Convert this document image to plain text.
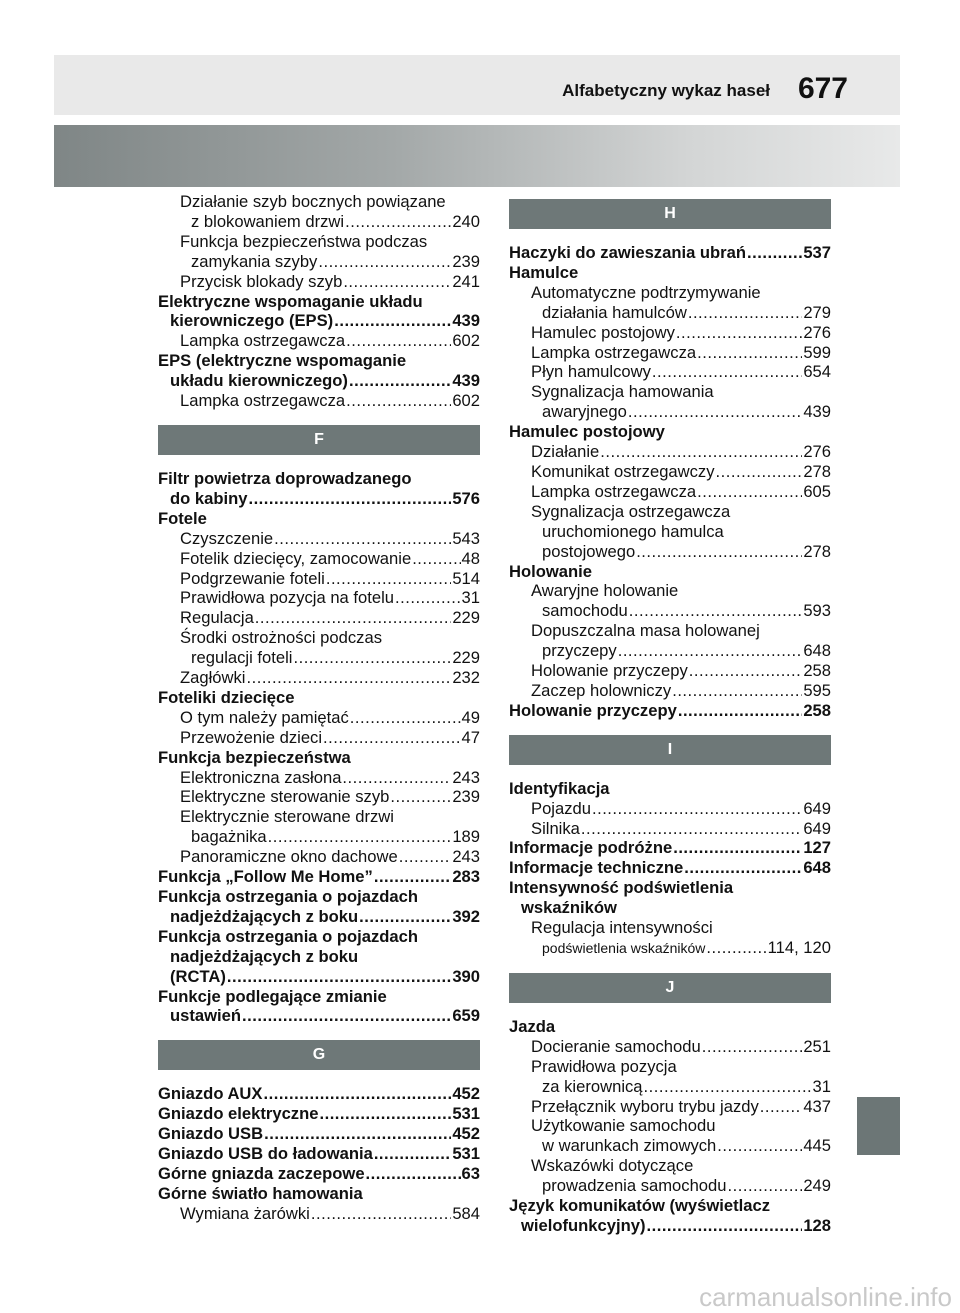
Alfabetyczny wykaz haseł 677
Działanie szyb bocznych powiązane
z blokowaniem drzwi .....	240
Funkcja bezpieczeństwa podczas
zamykania szyby .....	239
Przycisk blokady szyb .....	241
Elektryczne wspomaganie układu
kierowniczego (EPS) .....	439
Lampka ostrzegawcza .....	602
EPS (elektryczne wspomaganie
układu kierowniczego) .....	439
Lampka ostrzegawcza .....	602
F
Filtr powietrza doprowadzanego
do kabiny .....	576
Fotele
Czyszczenie .....	543
Fotelik dziecięcy, zamocowanie .....	48
Podgrzewanie foteli .....	514
Prawidłowa pozycja na fotelu .....	31
Regulacja .....	229
Środki ostrożności podczas
regulacji foteli .....	229
Zagłówki .....	232
Foteliki dziecięce
O tym należy pamiętać .....	49
Przewożenie dzieci .....	47
Funkcja bezpieczeństwa
Elektroniczna zasłona .....	243
Elektryczne sterowanie szyb .....	239
Elektrycznie sterowane drzwi
bagażnika .....	189
Panoramiczne okno dachowe .....	243
Funkcja „Follow Me Home” .....	283
Funkcja ostrzegania o pojazdach
nadjeżdżających z boku .....	392
Funkcja ostrzegania o pojazdach
nadjeżdżających z boku
(RCTA) .....	390
Funkcje podlegające zmianie
ustawień .....	659
G
Gniazdo AUX .....	452
Gniazdo elektryczne .....	531
Gniazdo USB .....	452
Gniazdo USB do ładowania .....	531
Górne gniazda zaczepowe .....	63
Górne światło hamowania
Wymiana żarówki .....	584
H
Haczyki do zawieszania ubrań .....	537
Hamulce
Automatyczne podtrzymywanie
działania hamulców .....	279
Hamulec postojowy .....	276
Lampka ostrzegawcza .....	599
Płyn hamulcowy .....	654
Sygnalizacja hamowania
awaryjnego .....	439
Hamulec postojowy
Działanie .....	276
Komunikat ostrzegawczy .....	278
Lampka ostrzegawcza .....	605
Sygnalizacja ostrzegawcza
uruchomionego hamulca
postojowego .....	278
Holowanie
Awaryjne holowanie
samochodu .....	593
Dopuszczalna masa holowanej
przyczepy .....	648
Holowanie przyczepy .....	258
Zaczep holowniczy .....	595
Holowanie przyczepy .....	258
I
Identyfikacja
Pojazdu .....	649
Silnika .....	649
Informacje podróżne .....	127
Informacje techniczne .....	648
Intensywność podświetlenia
wskaźników
Regulacja intensywności
podświetlenia wskaźników .....	114, 120
J
Jazda
Docieranie samochodu .....	251
Prawidłowa pozycja
za kierownicą .....	31
Przełącznik wyboru trybu jazdy .....	437
Użytkowanie samochodu
w warunkach zimowych .....	445
Wskazówki dotyczące
prowadzenia samochodu .....	249
Język komunikatów (wyświetlacz
wielofunkcyjny) .....	128
carmanualsonline.info
